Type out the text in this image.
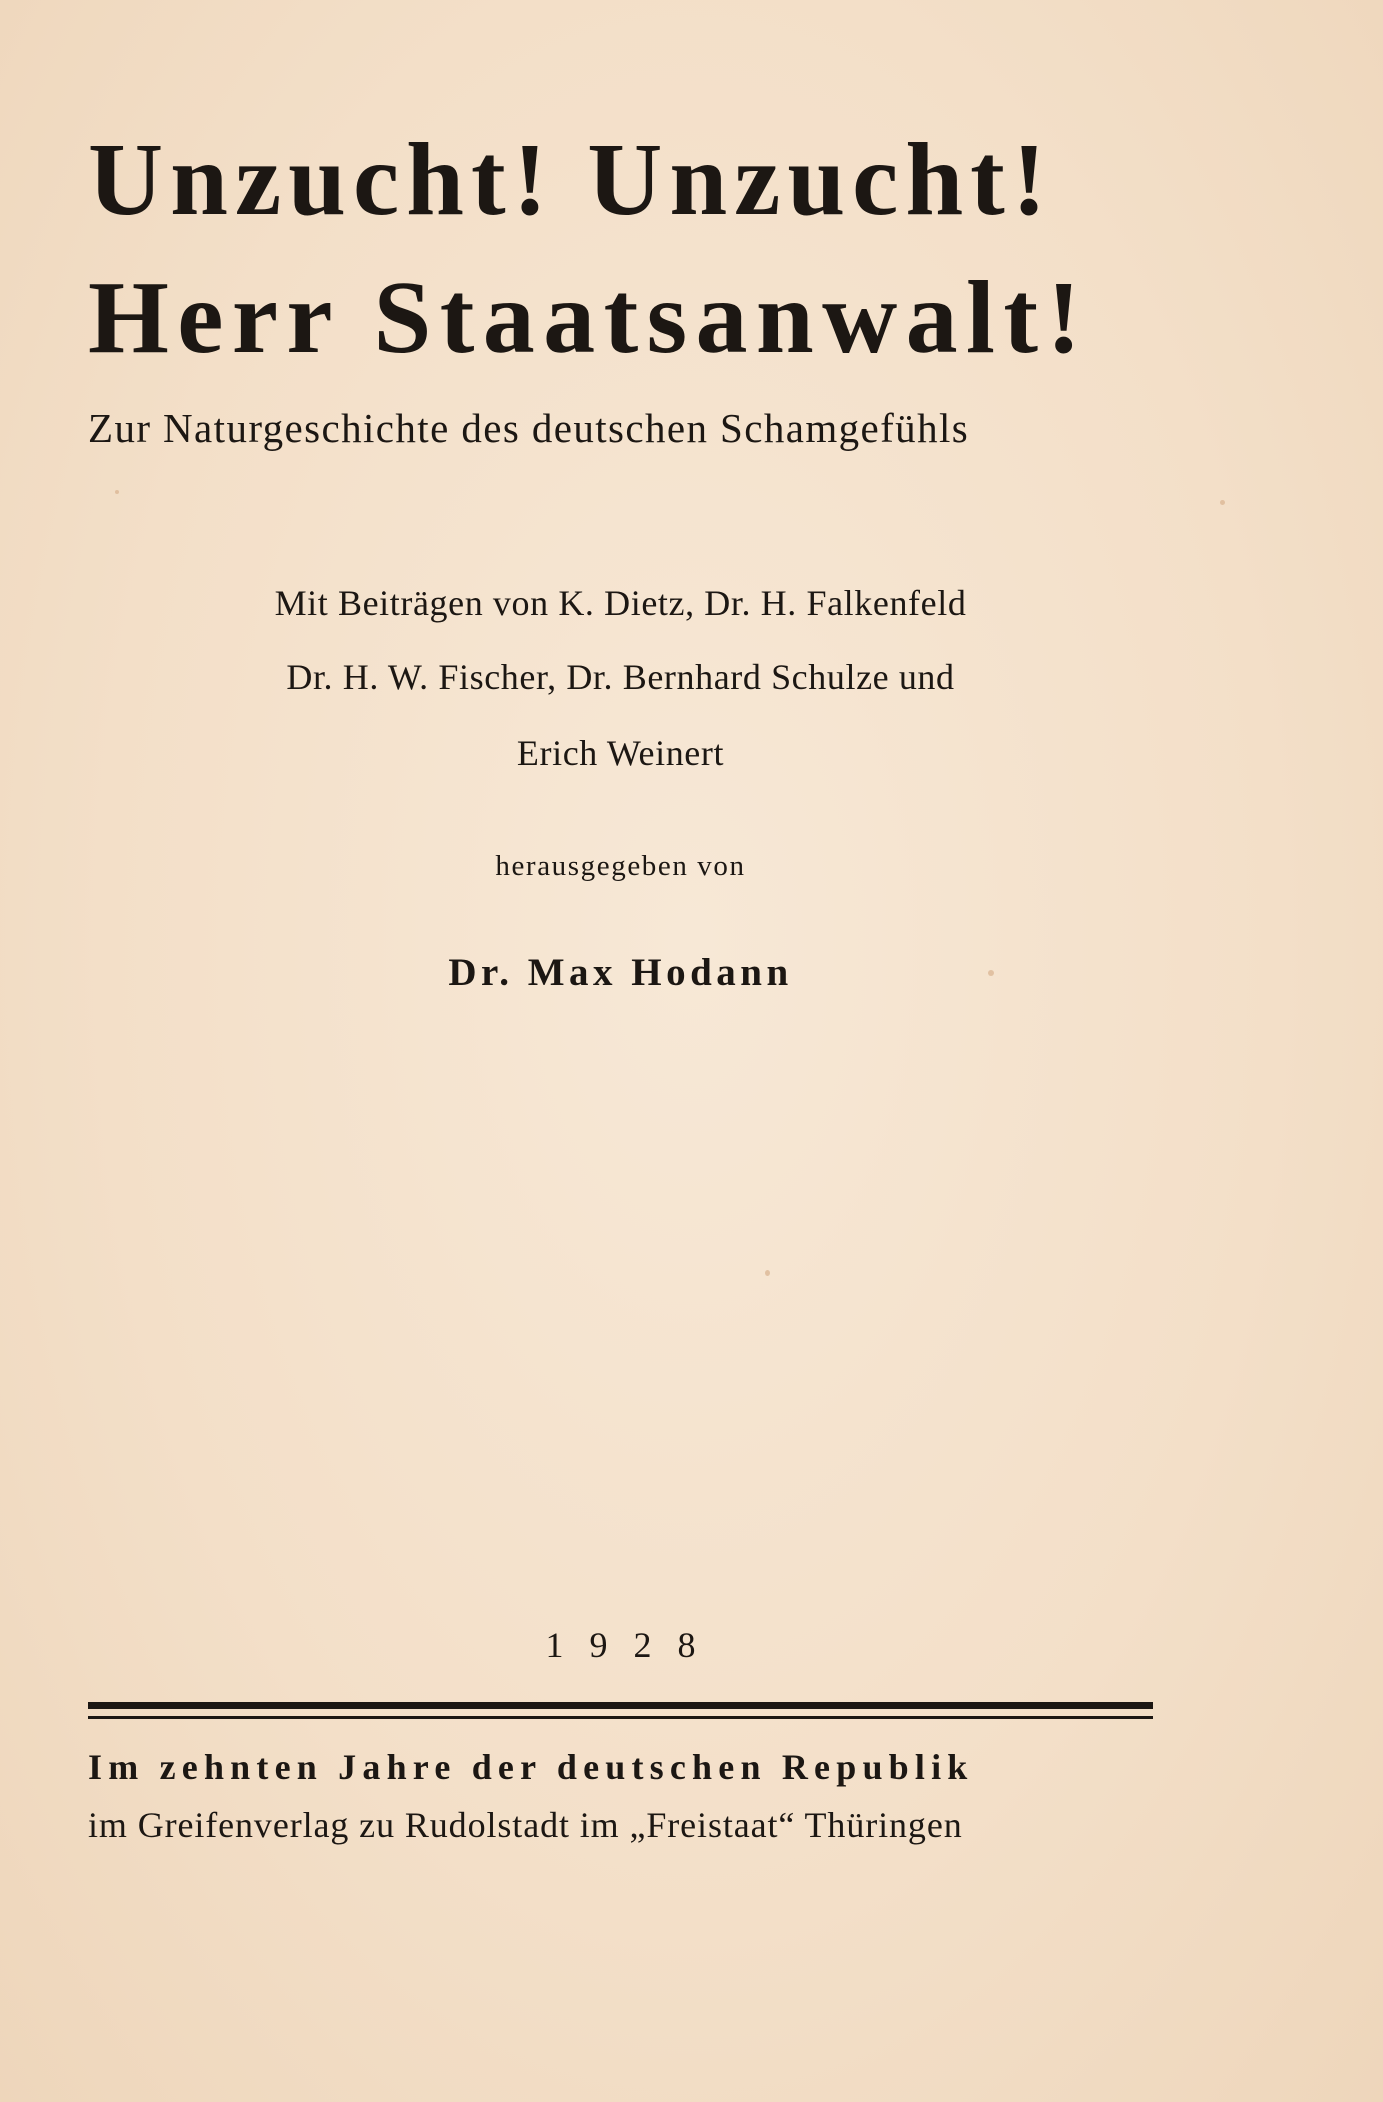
Unzucht! Unzucht!
Herr Staatsanwalt!
Zur Naturgeschichte des deutschen Schamgefühls
Mit Beiträgen von K. Dietz, Dr. H. Falkenfeld
Dr. H. W. Fischer, Dr. Bernhard Schulze und
Erich Weinert
herausgegeben von
Dr. Max Hodann
1928
Im zehnten Jahre der deutschen Republik
im Greifenverlag zu Rudolstadt im „Freistaat“ Thüringen
